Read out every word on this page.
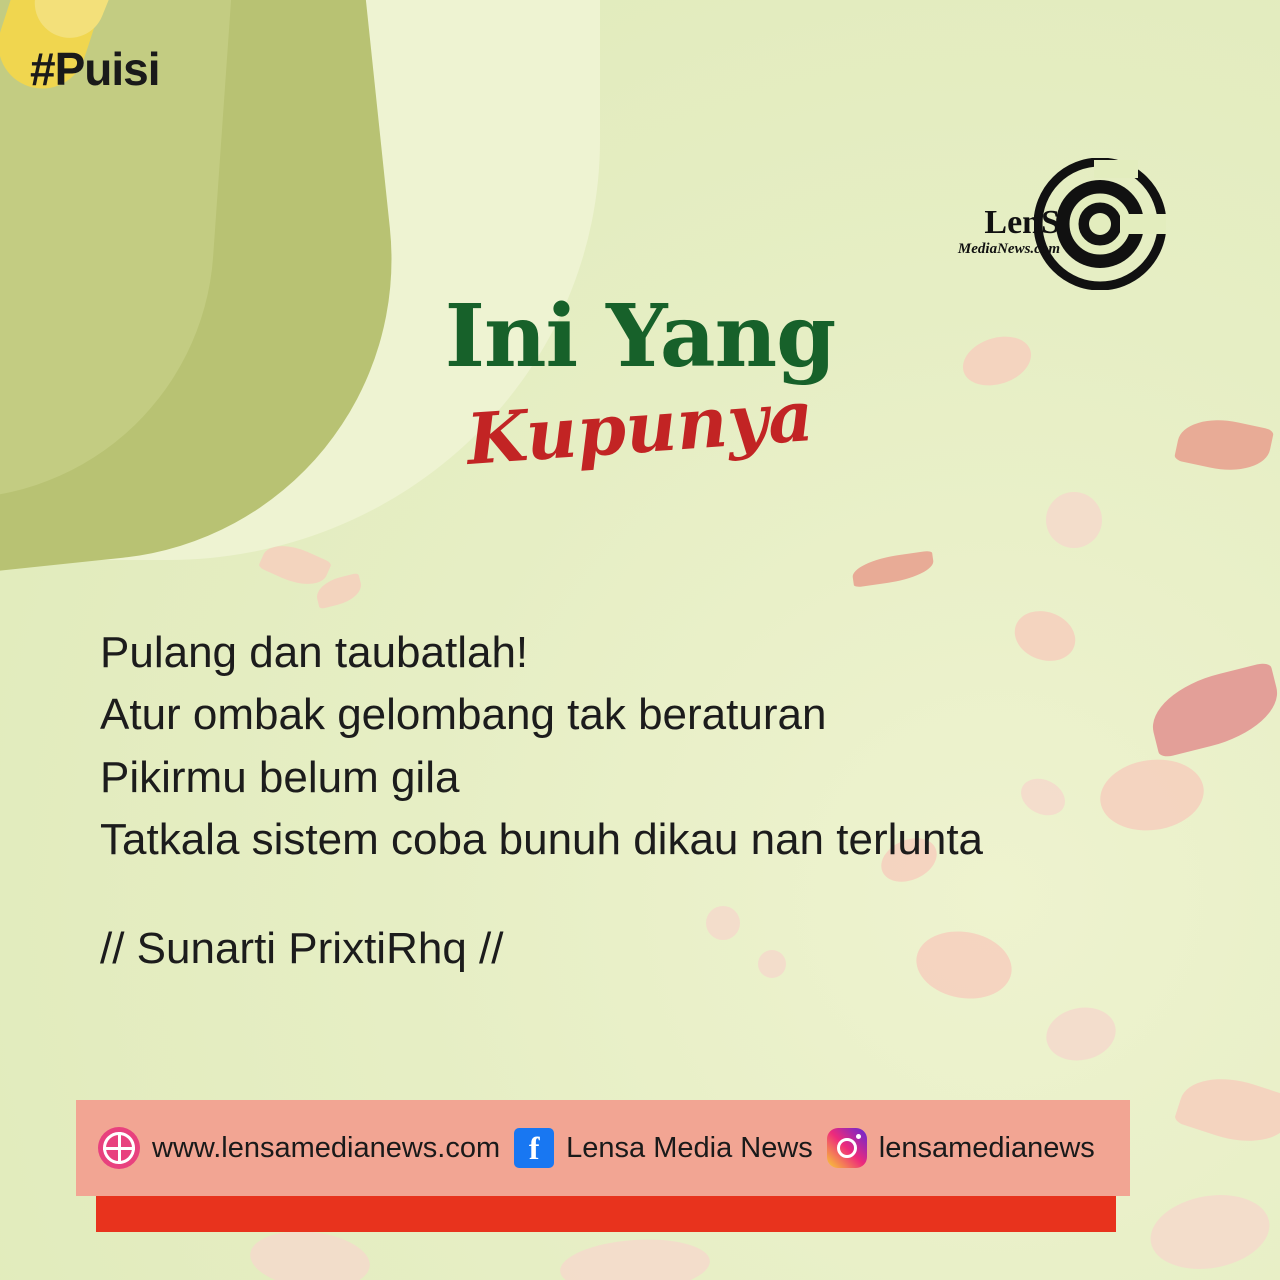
#Puisi
LenS
MediaNews.com
Ini Yang
Kupunya
Pulang dan taubatlah!
Atur ombak gelombang tak beraturan
Pikirmu belum gila
Tatkala sistem coba bunuh dikau nan terlunta
// Sunarti PrixtiRhq //
www.lensamedianews.com f Lensa Media News lensamedianews
